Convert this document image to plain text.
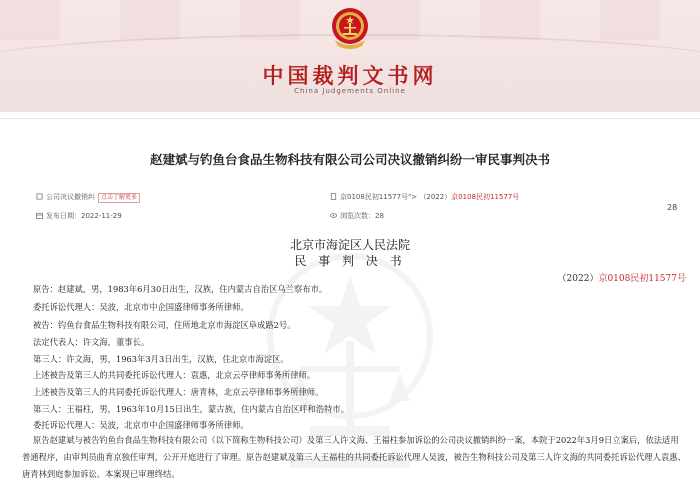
中国裁判文书网
China Judgements Online
赵建斌与钓鱼台食品生物科技有限公司公司决议撤销纠纷一审民事判决书
公司决议撤销纠 点击了解更多	京0108民初11577号"> （2022）京0108民初11577号
发布日期：2022-11-29	浏览次数：28
28
北京市海淀区人民法院
民 事 判 决 书
（2022）京0108民初11577号
原告：赵建斌，男，1983年6月30日出生，汉族，住内蒙古自治区乌兰察布市。
委托诉讼代理人：吴波，北京市中企国盛律师事务所律师。
被告：钓鱼台食品生物科技有限公司，住所地北京市海淀区阜成路2号。
法定代表人：许文海，董事长。
第三人：许文海，男，1963年3月3日出生，汉族，住北京市海淀区。
上述被告及第三人的共同委托诉讼代理人：袁惠，北京云亭律师事务所律师。
上述被告及第三人的共同委托诉讼代理人：唐青林，北京云亭律师事务所律师。
第三人：王福柱，男，1963年10月15日出生，蒙古族，住内蒙古自治区呼和浩特市。
委托诉讼代理人：吴波，北京市中企国盛律师事务所律师。
原告赵建斌与被告钓鱼台食品生物科技有限公司（以下简称生物科技公司）及第三人许文海、王福柱参加诉讼的公司决议撤销纠纷一案，本院于2022年3月9日立案后，依法适用普通程序，由审判员曲育京独任审判，公开开庭进行了审理。原告赵建斌及第三人王福柱的共同委托诉讼代理人吴波，被告生物科技公司及第三人许文海的共同委托诉讼代理人袁惠、唐青林到庭参加诉讼。本案现已审理终结。
